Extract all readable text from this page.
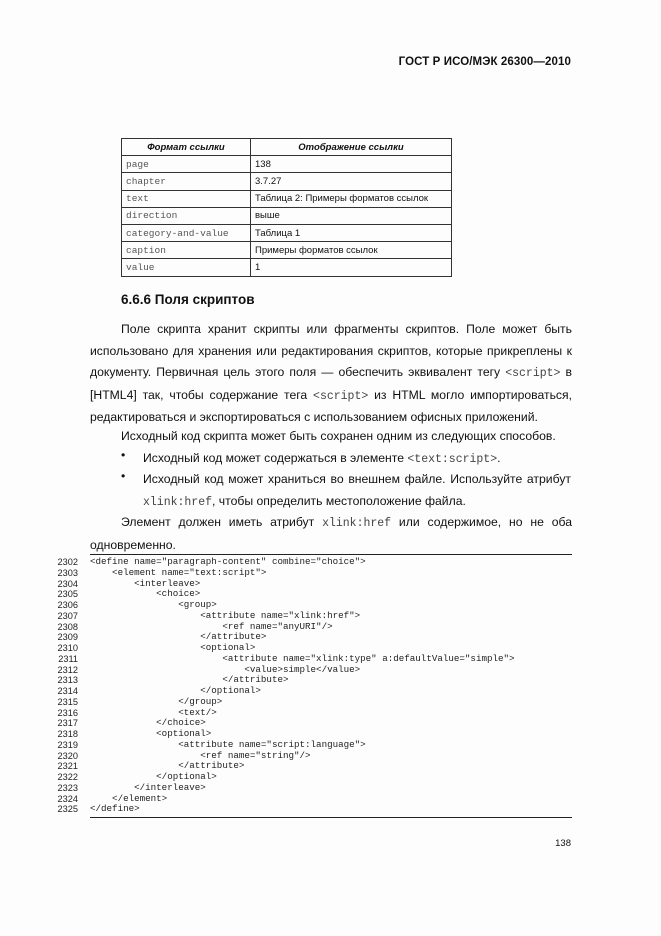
ГОСТ Р ИСО/МЭК 26300—2010
Формат ссылки	Отображение ссылки
page	138
chapter	3.7.27
text	Таблица 2: Примеры форматов ссылок
direction	выше
category-and-value	Таблица 1
caption	Примеры форматов ссылок
value	1
6.6.6 Поля скриптов
Поле скрипта хранит скрипты или фрагменты скриптов. Поле может быть использовано для хранения или редактирования скриптов, которые прикреплены к документу. Первичная цель этого поля — обеспечить эквивалент тегу <script> в [HTML4] так, чтобы содержание тега <script> из HTML могло импортироваться, редактироваться и экспортироваться с использованием офисных приложений.
Исходный код скрипта может быть сохранен одним из следующих способов.
• Исходный код может содержаться в элементе <text:script>.
• Исходный код может храниться во внешнем файле. Используйте атрибут xlink:href, чтобы определить местоположение файла.
Элемент должен иметь атрибут xlink:href или содержимое, но не оба одновременно.
2302
2303
2304
2305
2306
2307
2308
2309
2310
2311
2312
2313
2314
2315
2316
2317
2318
2319
2320
2321
2322
2323
2324
2325
<define name="paragraph-content" combine="choice">
<element name="text:script">
<interleave>
<choice>
<group>
<attribute name="xlink:href">
<ref name="anyURI"/>
</attribute>
<optional>
<attribute name="xlink:type" a:defaultValue="simple">
<value>simple</value>
</attribute>
</optional>
</group>
<text/>
</choice>
<optional>
<attribute name="script:language">
<ref name="string"/>
</attribute>
</optional>
</interleave>
</element>
</define>
138
